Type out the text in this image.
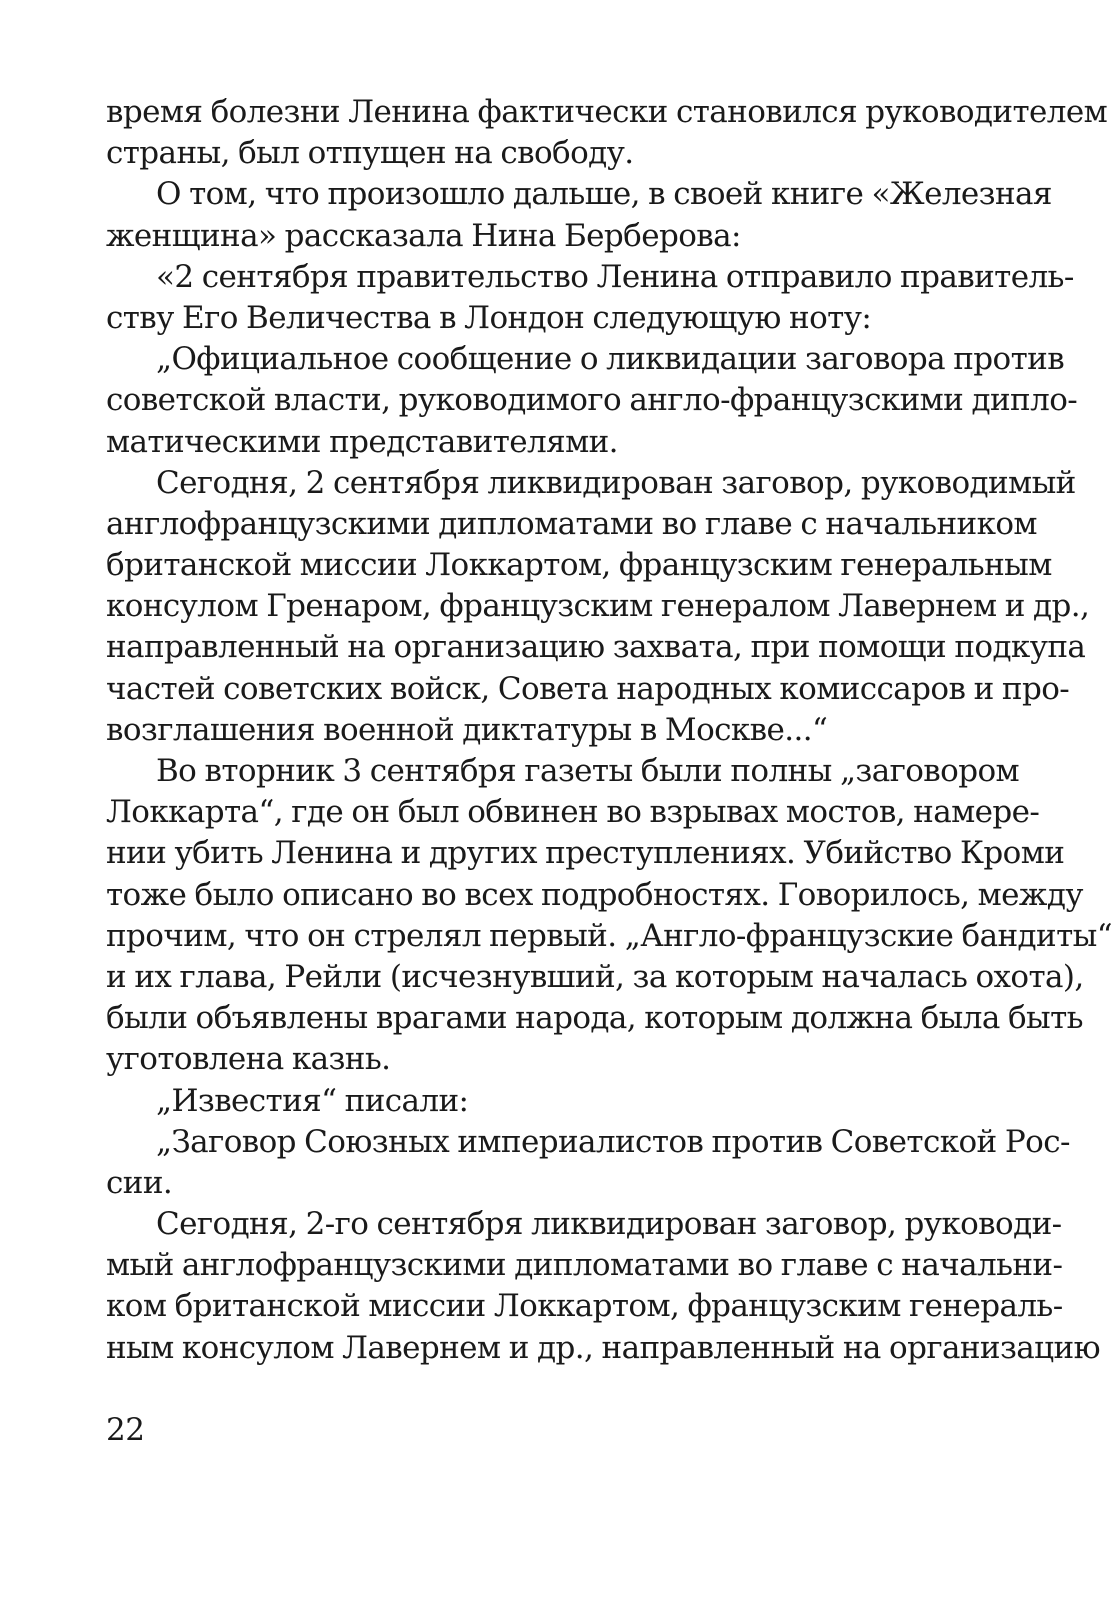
время болезни Ленина фактически становился руководителем
страны, был отпущен на свободу.

О том, что произошло дальше, в своей книге «Железная
женщина» рассказала Нина Берберова:

«2 сентября правительство Ленина отправило правитель-
ству Его Величества в Лондон следующую ноту:

„Официальное сообщение о ликвидации заговора против
советской власти, руководимого англо-французскими дипло-
матическими представителями.

Сегодня, 2 сентября ликвидирован заговор, руководимый
англофранцузскими дипломатами во главе с начальником
британской миссии Локкартом, французским генеральным
консулом Гренаром, французским генералом Лавернем и др.,
направленный на организацию захвата, при помощи подкупа
частей советских войск, Совета народных комиссаров и про-
возглашения военной диктатуры в Москве...“

Во вторник 3 сентября газеты были полны „заговором
Локкарта“, где он был обвинен во взрывах мостов, намере-
нии убить Ленина и других преступлениях. Убийство Кроми
тоже было описано во всех подробностях. Говорилось, между
прочим, что он стрелял первый. „Англо-французские бандиты“
и их глава, Рейли (исчезнувший, за которым началась охота),
были объявлены врагами народа, которым должна была быть
уготовлена казнь.

„Известия“ писали:

„Заговор Союзных империалистов против Советской Рос-
сии.

Сегодня, 2-го сентября ликвидирован заговор, руководи-
мый англофранцузскими дипломатами во главе с начальни-
ком британской миссии Локкартом, французским генераль-
ным консулом Лавернем и др., направленный на организацию

22
